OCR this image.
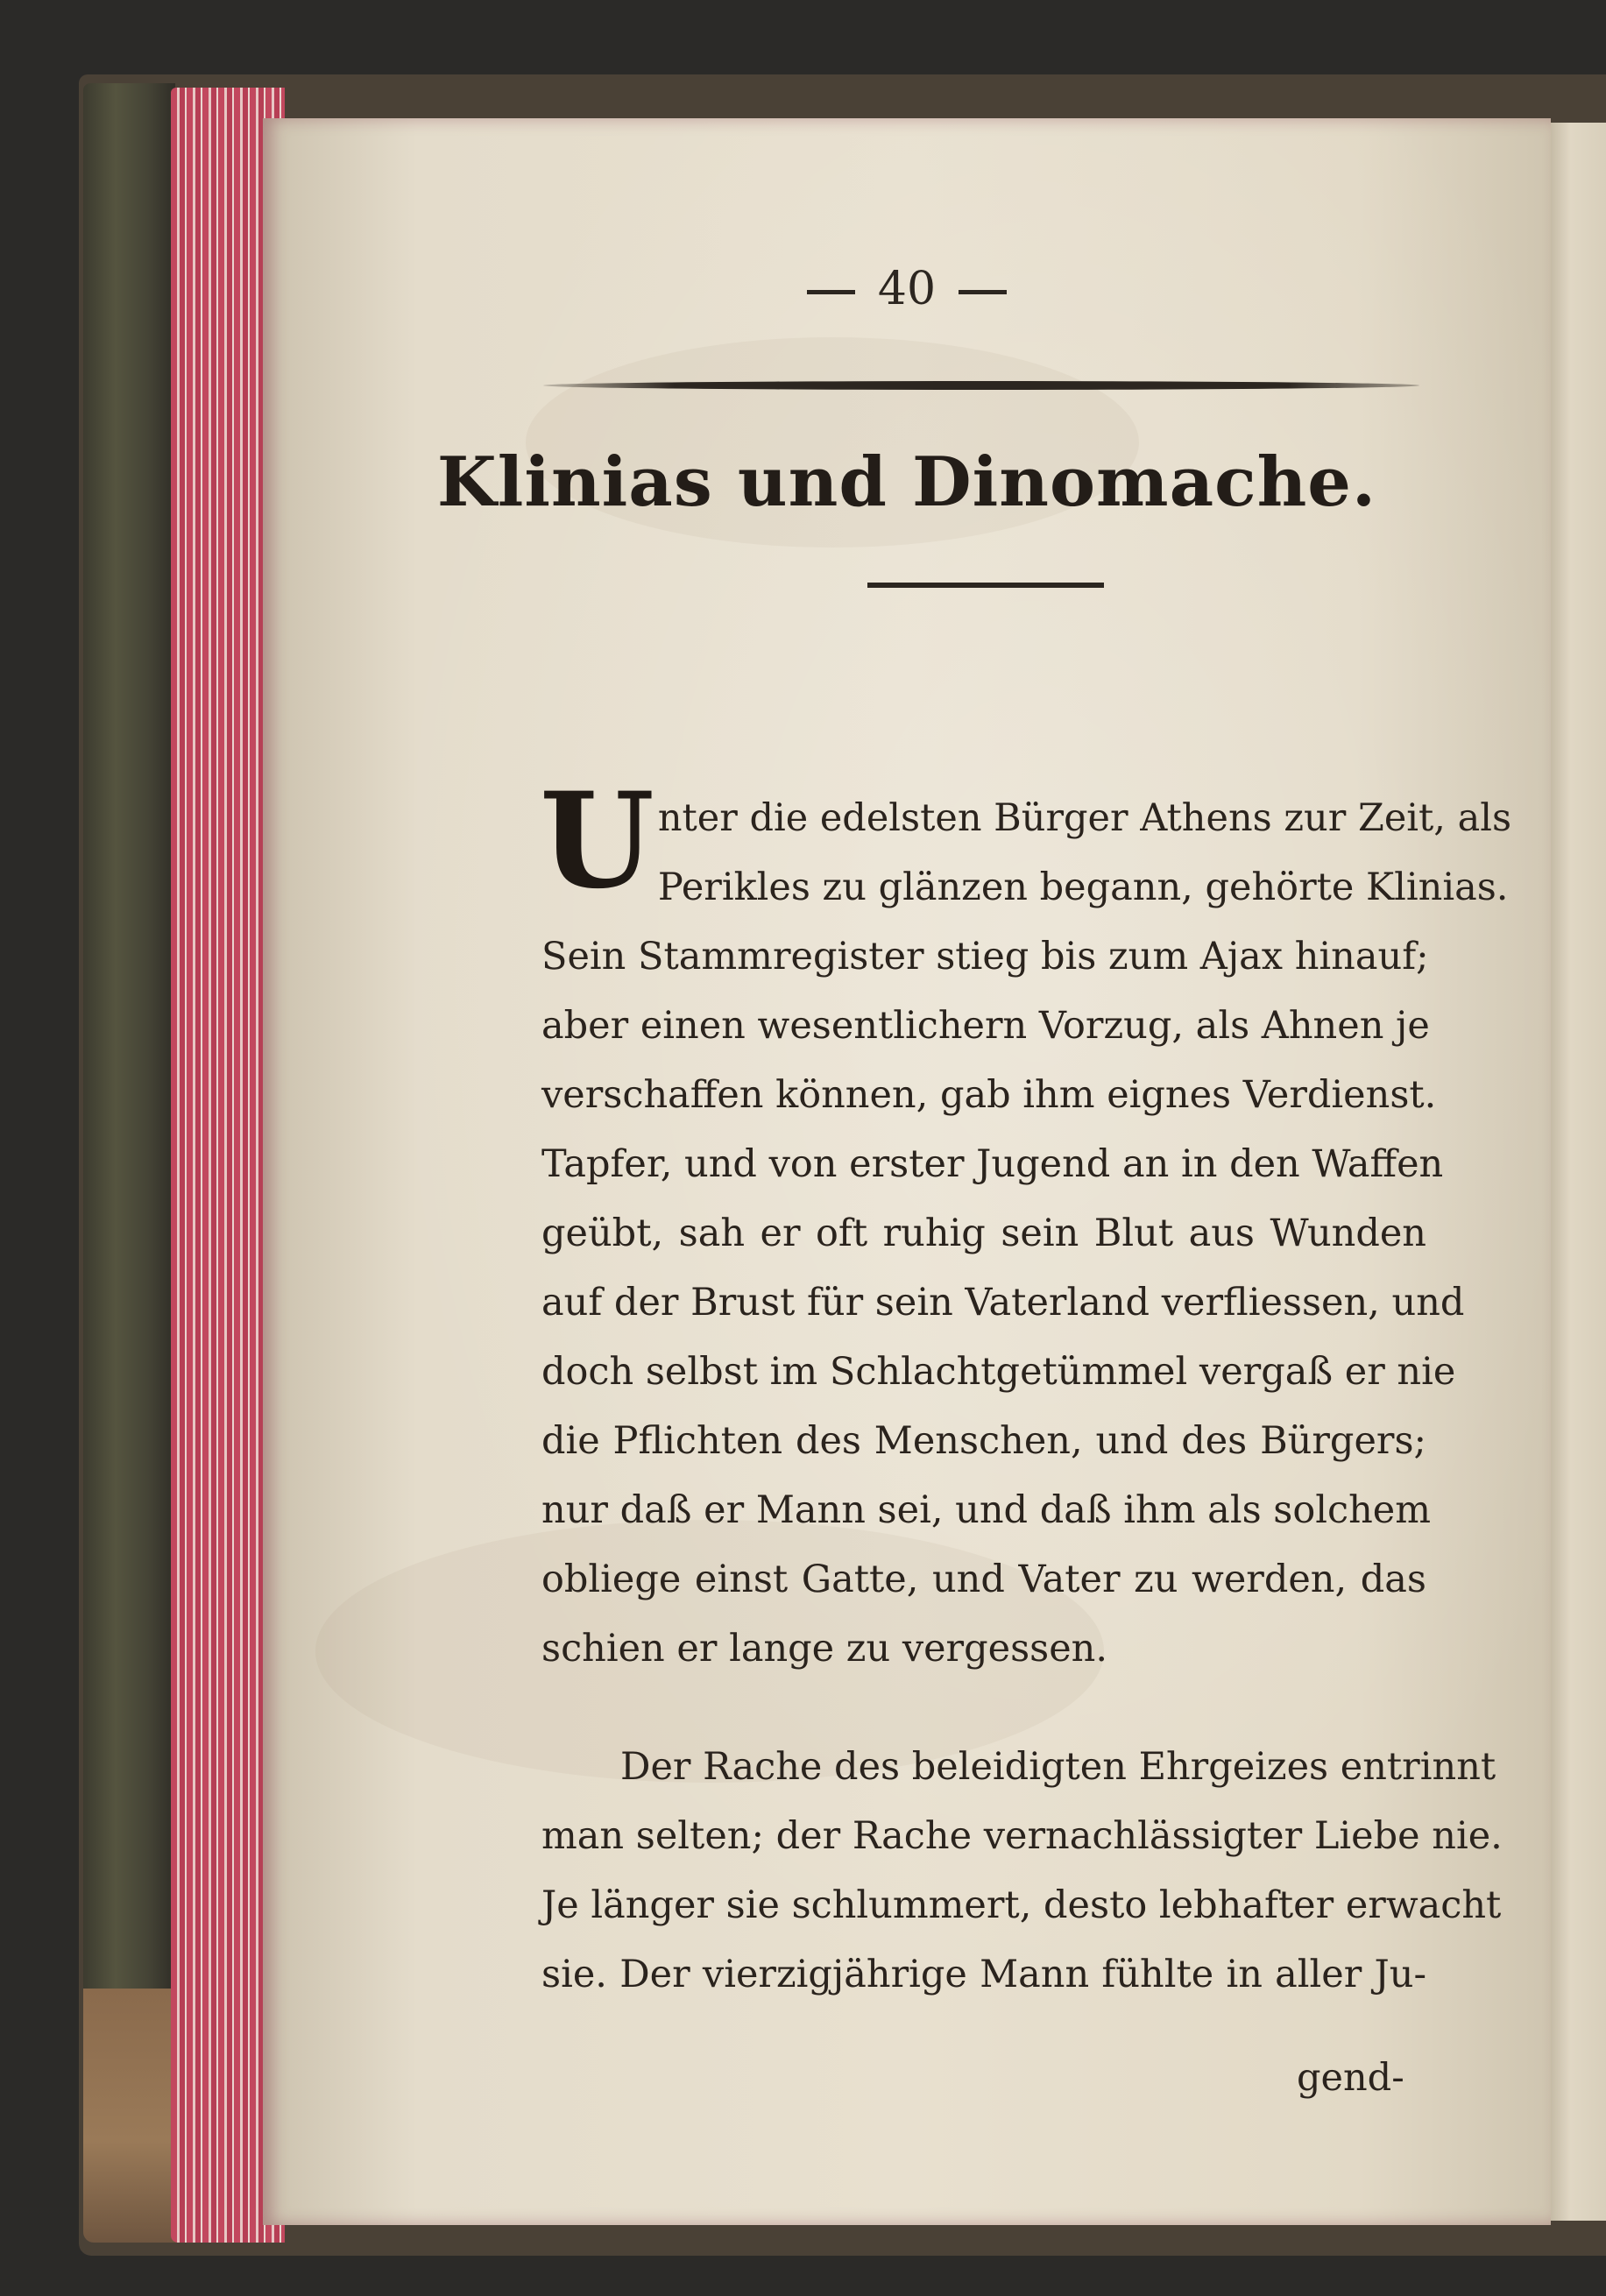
40
Klinias und Dinomache.
U nter die edelsten Bürger Athens zur Zeit, als
Perikles zu glänzen begann, gehörte Klinias.
Sein Stammregister stieg bis zum Ajax hinauf;
aber einen wesentlichern Vorzug, als Ahnen je
verschaffen können, gab ihm eignes Verdienst.
Tapfer, und von erster Jugend an in den Waffen
geübt, sah er oft ruhig sein Blut aus Wunden
auf der Brust für sein Vaterland verfliessen, und
doch selbst im Schlachtgetümmel vergaß er nie
die Pflichten des Menschen, und des Bürgers;
nur daß er Mann sei, und daß ihm als solchem
obliege einst Gatte, und Vater zu werden, das
schien er lange zu vergessen.
Der Rache des beleidigten Ehrgeizes entrinnt
man selten; der Rache vernachlässigter Liebe nie.
Je länger sie schlummert, desto lebhafter erwacht
sie. Der vierzigjährige Mann fühlte in aller Ju-
gend-
